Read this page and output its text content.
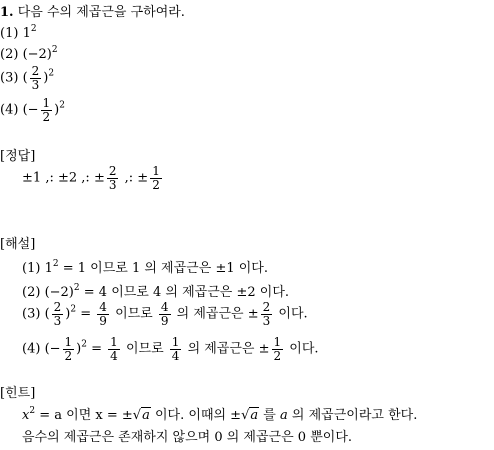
1. 다음 수의 제곱근을 구하여라.
(1) $1^2$
(2) $(-2)^2$
(3) ( $\frac{2}{3} )^2$
(4) (− $\frac{1}{2} )^2$
[정답]
±1 ,: ±2 ,: ± $\frac{2}{3}$ ,: ± $\frac{1}{2}$
[해설]
(1) $1^2 = 1$ 이므로 1 의 제곱근은 ±1 이다.
(2) $(-2)^2 = 4$ 이므로 4 의 제곱근은 ±2 이다.
(3) ( $\frac{2}{3} )^2 = \frac{4}{9}$ 이므로 $\frac{4}{9}$ 의 제곱근은 ± $\frac{2}{3}$ 이다.
(4) (− $\frac{1}{2} )^2 = \frac{1}{4}$ 이므로 $\frac{1}{4}$ 의 제곱근은 ± $\frac{1}{2}$ 이다.
[힌트]
$x^2 = a$ 이면 x = ±√a 이다. 이때의 ±√a 를 a 의 제곱근이라고 한다.
음수의 제곱근은 존재하지 않으며 0 의 제곱근은 0 뿐이다.
